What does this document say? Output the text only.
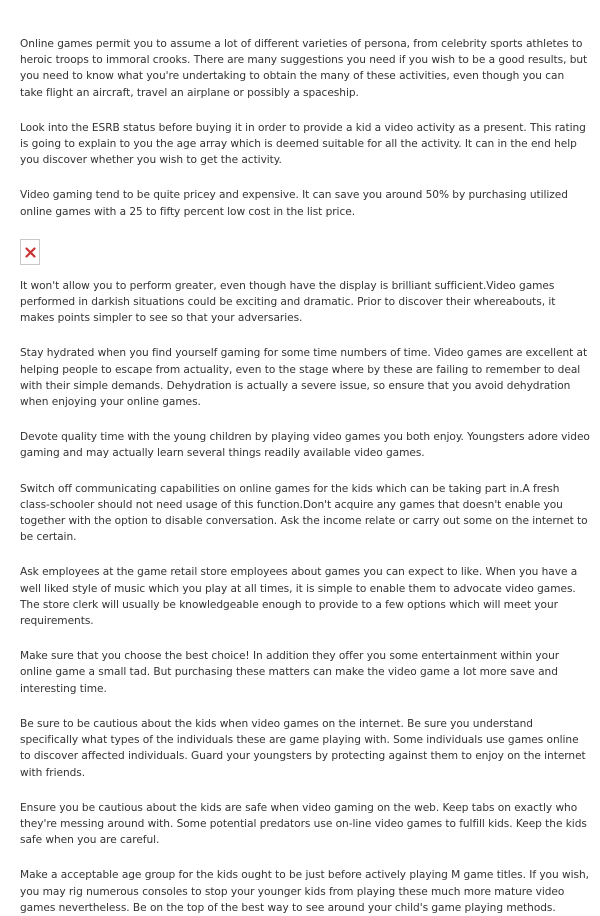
Online games permit you to assume a lot of different varieties of persona, from celebrity sports athletes to heroic troops to immoral crooks. There are many suggestions you need if you wish to be a good results, but you need to know what you're undertaking to obtain the many of these activities, even though you can take flight an aircraft, travel an airplane or possibly a spaceship.

Look into the ESRB status before buying it in order to provide a kid a video activity as a present. This rating is going to explain to you the age array which is deemed suitable for all the activity. It can in the end help you discover whether you wish to get the activity.

Video gaming tend to be quite pricey and expensive. It can save you around 50% by purchasing utilized online games with a 25 to fifty percent low cost in the list price.

It won't allow you to perform greater, even though have the display is brilliant sufficient.Video games performed in darkish situations could be exciting and dramatic. Prior to discover their whereabouts, it makes points simpler to see so that your adversaries.

Stay hydrated when you find yourself gaming for some time numbers of time. Video games are excellent at helping people to escape from actuality, even to the stage where by these are failing to remember to deal with their simple demands. Dehydration is actually a severe issue, so ensure that you avoid dehydration when enjoying your online games.

Devote quality time with the young children by playing video games you both enjoy. Youngsters adore video gaming and may actually learn several things readily available video games.

Switch off communicating capabilities on online games for the kids which can be taking part in.A fresh class-schooler should not need usage of this function.Don't acquire any games that doesn't enable you together with the option to disable conversation. Ask the income relate or carry out some on the internet to be certain.

Ask employees at the game retail store employees about games you can expect to like. When you have a well liked style of music which you play at all times, it is simple to enable them to advocate video games. The store clerk will usually be knowledgeable enough to provide to a few options which will meet your requirements.

Make sure that you choose the best choice! In addition they offer you some entertainment within your online game a small tad. But purchasing these matters can make the video game a lot more save and interesting time.

Be sure to be cautious about the kids when video games on the internet. Be sure you understand specifically what types of the individuals these are game playing with. Some individuals use games online to discover affected individuals. Guard your youngsters by protecting against them to enjoy on the internet with friends.

Ensure you be cautious about the kids are safe when video gaming on the web. Keep tabs on exactly who they're messing around with. Some potential predators use on-line video games to fulfill kids. Keep the kids safe when you are careful.

Make a acceptable age group for the kids ought to be just before actively playing M game titles. If you wish, you may rig numerous consoles to stop your younger kids from playing these much more mature video games nevertheless. Be on the top of the best way to see around your child's game playing methods.
